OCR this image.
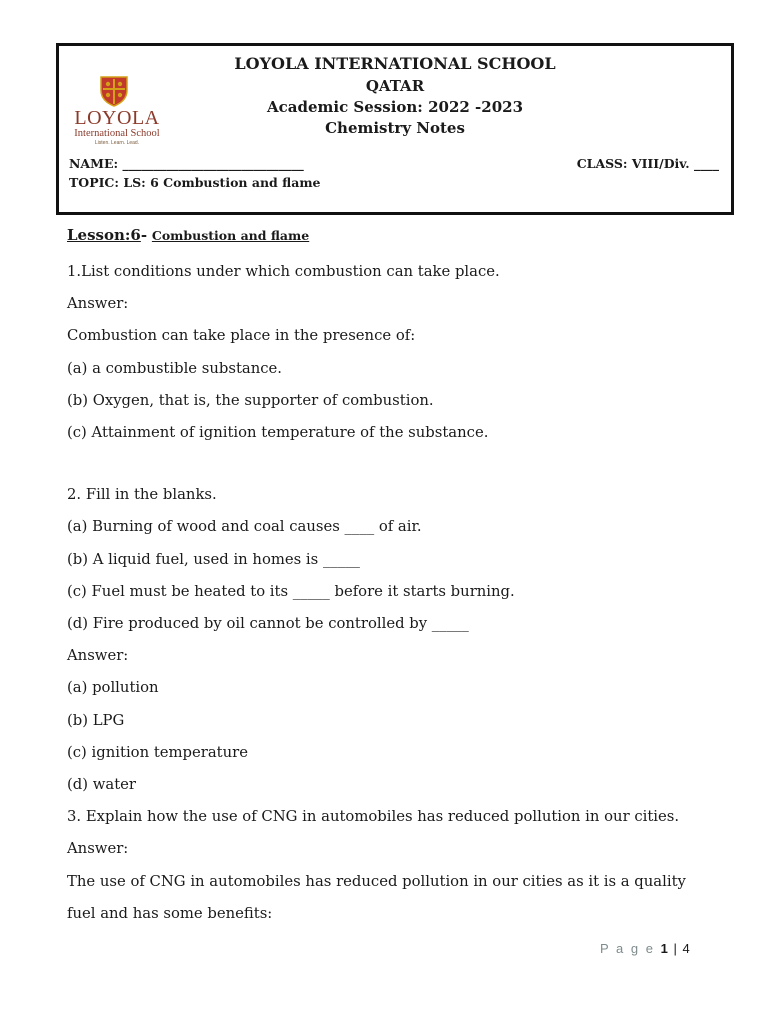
LOYOLA
International School
Listen. Learn. Lead.
LOYOLA INTERNATIONAL SCHOOL
QATAR
Academic Session: 2022 -2023
Chemistry Notes
NAME: _____________________________	CLASS: VIII/Div. ____
TOPIC: LS: 6 Combustion and flame
Lesson:6- Combustion and flame
1.List conditions under which combustion can take place.
Answer:
Combustion can take place in the presence of:
(a) a combustible substance.
(b) Oxygen, that is, the supporter of combustion.
(c) Attainment of ignition temperature of the substance.
2. Fill in the blanks.
(a) Burning of wood and coal causes ____ of air.
(b) A liquid fuel, used in homes is _____
(c) Fuel must be heated to its _____ before it starts burning.
(d) Fire produced by oil cannot be controlled by _____
Answer:
(a) pollution
(b) LPG
(c) ignition temperature
(d) water
3. Explain how the use of CNG in automobiles has reduced pollution in our cities.
Answer:
The use of CNG in automobiles has reduced pollution in our cities as it is a quality
fuel and has some benefits:
P a g e 1 | 4
